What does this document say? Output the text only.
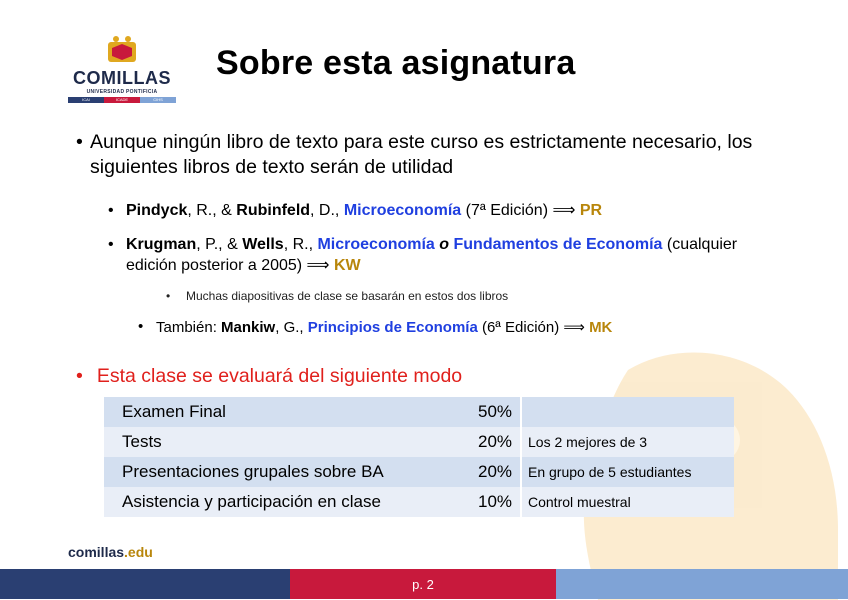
COMILLAS
UNIVERSIDAD PONTIFICIA
ICAI	ICADE	CIHS
Sobre esta asignatura
• Aunque ningún libro de texto para este curso es estrictamente necesario, los siguientes libros de texto serán de utilidad
• Pindyck, R., & Rubinfeld, D., Microeconomía (7ª Edición) ⟹ PR
• Krugman, P., & Wells, R., Microeconomía o Fundamentos de Economía (cualquier edición posterior a 2005) ⟹ KW
• Muchas diapositivas de clase se basarán en estos dos libros
• También: Mankiw, G., Principios de Economía (6ª Edición) ⟹ MK
• Esta clase se evaluará del siguiente modo
Examen Final	50%	
Tests	20%	Los 2 mejores de 3
Presentaciones grupales sobre BA	20%	En grupo de 5 estudiantes
Asistencia y participación en clase	10%	Control muestral
comillas.edu
p. 2
